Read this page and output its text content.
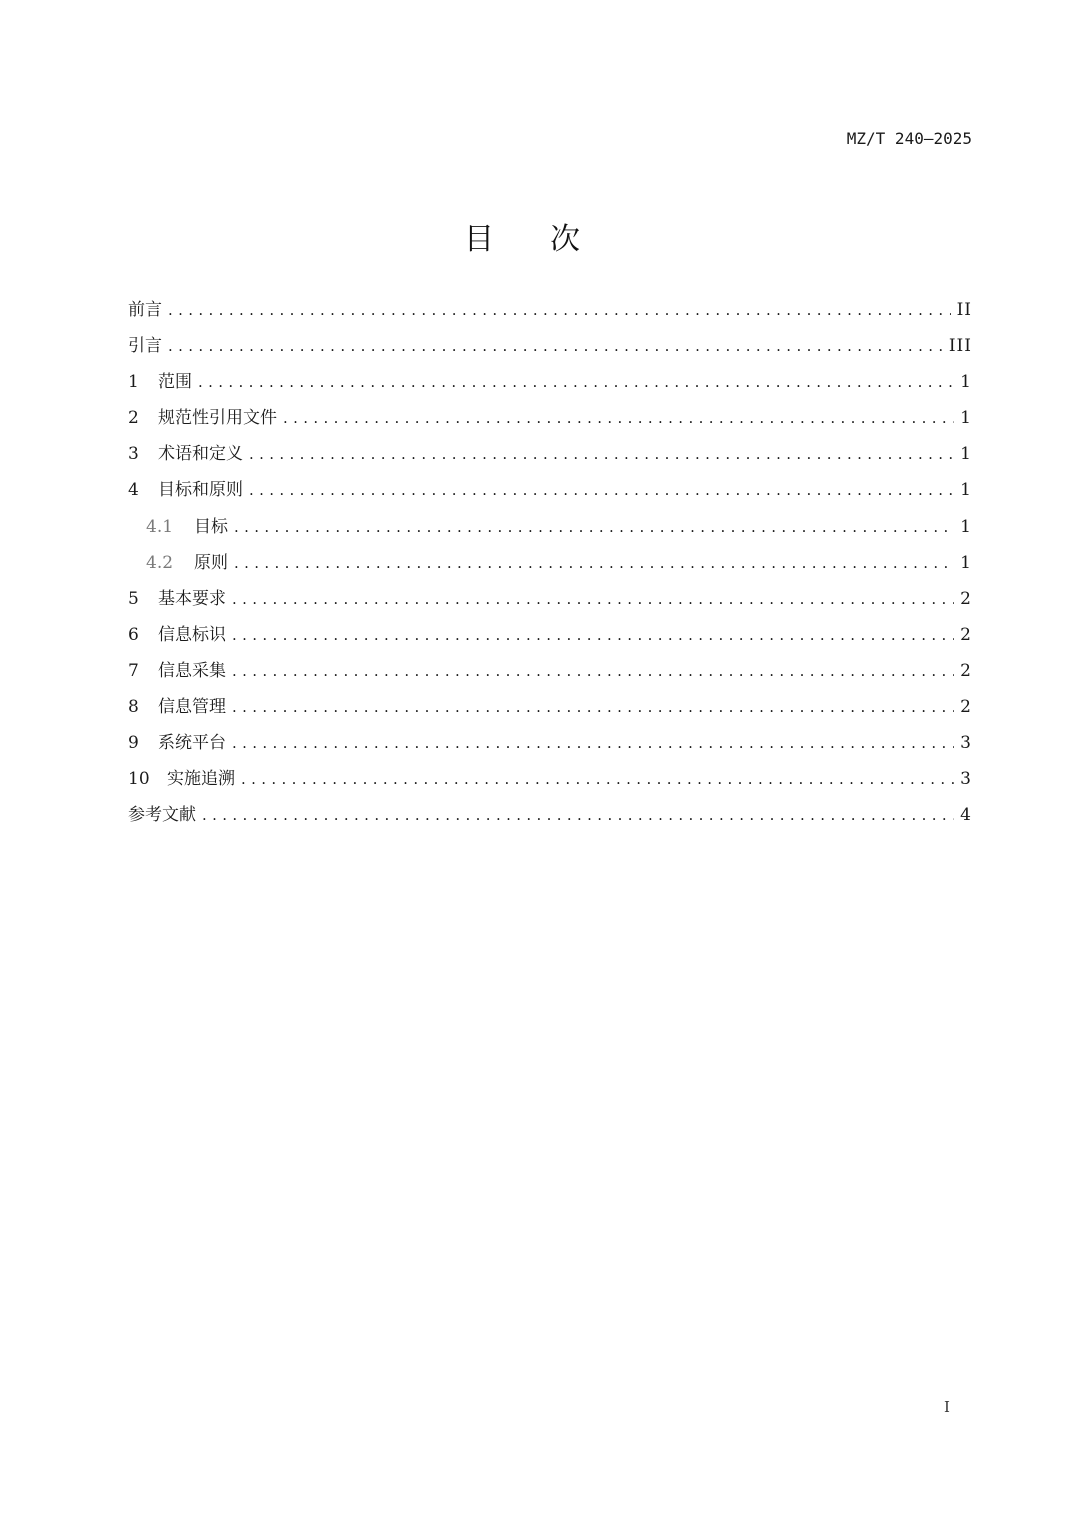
MZ/T 240—2025
目次
前言 . . .	II
引言 . . .	III
1	范围 . . .	1
2	规范性引用文件 . . .	1
3	术语和定义 . . .	1
4	目标和原则 . . .	1
4.1	目标 . . .	1
4.2	原则 . . .	1
5	基本要求 . . .	2
6	信息标识 . . .	2
7	信息采集 . . .	2
8	信息管理 . . .	2
9	系统平台 . . .	3
10	实施追溯 . . .	3
参考文献 . . .	4
I
